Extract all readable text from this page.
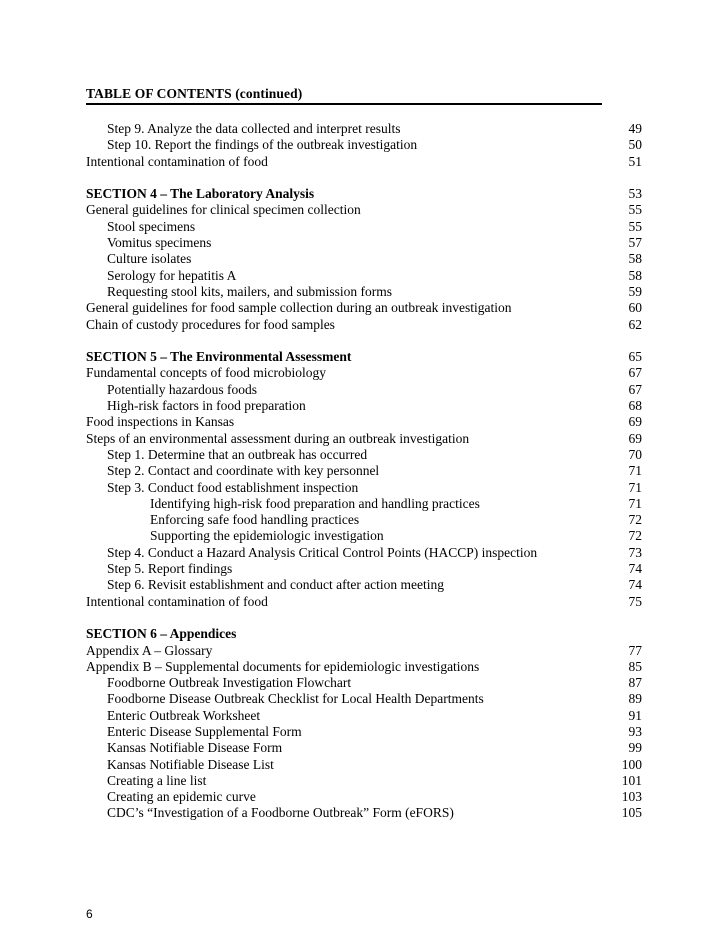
TABLE OF CONTENTS (continued)
Step 9. Analyze the data collected and interpret results	49
Step 10. Report the findings of the outbreak investigation	50
Intentional contamination of food	51
SECTION 4 – The Laboratory Analysis	53
General guidelines for clinical specimen collection	55
Stool specimens	55
Vomitus specimens	57
Culture isolates	58
Serology for hepatitis A	58
Requesting stool kits, mailers, and submission forms	59
General guidelines for food sample collection during an outbreak investigation	60
Chain of custody procedures for food samples	62
SECTION 5 – The Environmental Assessment	65
Fundamental concepts of food microbiology	67
Potentially hazardous foods	67
High-risk factors in food preparation	68
Food inspections in Kansas	69
Steps of an environmental assessment during an outbreak investigation	69
Step 1. Determine that an outbreak has occurred	70
Step 2. Contact and coordinate with key personnel	71
Step 3. Conduct food establishment inspection	71
Identifying high-risk food preparation and handling practices	71
Enforcing safe food handling practices	72
Supporting the epidemiologic investigation	72
Step 4. Conduct a Hazard Analysis Critical Control Points (HACCP) inspection	73
Step 5. Report findings	74
Step 6. Revisit establishment and conduct after action meeting	74
Intentional contamination of food	75
SECTION 6 – Appendices
Appendix A – Glossary	77
Appendix B – Supplemental documents for epidemiologic investigations	85
Foodborne Outbreak Investigation Flowchart	87
Foodborne Disease Outbreak Checklist for Local Health Departments	89
Enteric Outbreak Worksheet	91
Enteric Disease Supplemental Form	93
Kansas Notifiable Disease Form	99
Kansas Notifiable Disease List	100
Creating a line list	101
Creating an epidemic curve	103
CDC’s “Investigation of a Foodborne Outbreak” Form (eFORS)	105
6
